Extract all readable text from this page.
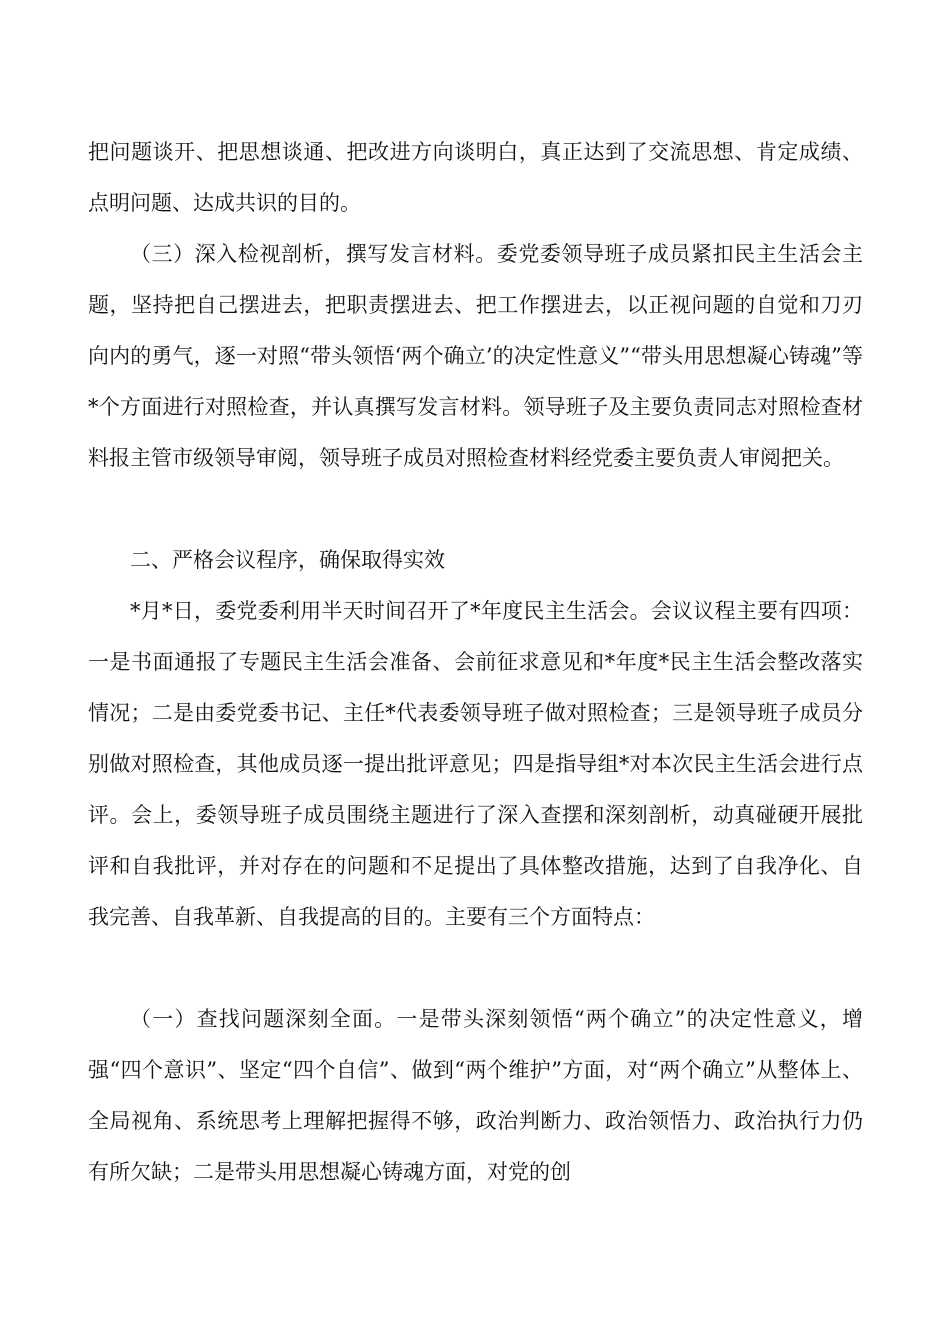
把问题谈开、把思想谈通、把改进方向谈明白，真正达到了交流思想、肯定成绩、点明问题、达成共识的目的。

（三）深入检视剖析，撰写发言材料。委党委领导班子成员紧扣民主生活会主题，坚持把自己摆进去，把职责摆进去、把工作摆进去，以正视问题的自觉和刀刃向内的勇气，逐一对照“带头领悟‘两个确立’的决定性意义”“带头用思想凝心铸魂”等*个方面进行对照检查，并认真撰写发言材料。领导班子及主要负责同志对照检查材料报主管市级领导审阅，领导班子成员对照检查材料经党委主要负责人审阅把关。

二、严格会议程序，确保取得实效

*月*日，委党委利用半天时间召开了*年度民主生活会。会议议程主要有四项：一是书面通报了专题民主生活会准备、会前征求意见和*年度*民主生活会整改落实情况；二是由委党委书记、主任*代表委领导班子做对照检查；三是领导班子成员分别做对照检查，其他成员逐一提出批评意见；四是指导组*对本次民主生活会进行点评。会上，委领导班子成员围绕主题进行了深入查摆和深刻剖析，动真碰硬开展批评和自我批评，并对存在的问题和不足提出了具体整改措施，达到了自我净化、自我完善、自我革新、自我提高的目的。主要有三个方面特点：

（一）查找问题深刻全面。一是带头深刻领悟“两个确立”的决定性意义，增强“四个意识”、坚定“四个自信”、做到“两个维护”方面，对“两个确立”从整体上、全局视角、系统思考上理解把握得不够，政治判断力、政治领悟力、政治执行力仍有所欠缺；二是带头用思想凝心铸魂方面，对党的创
